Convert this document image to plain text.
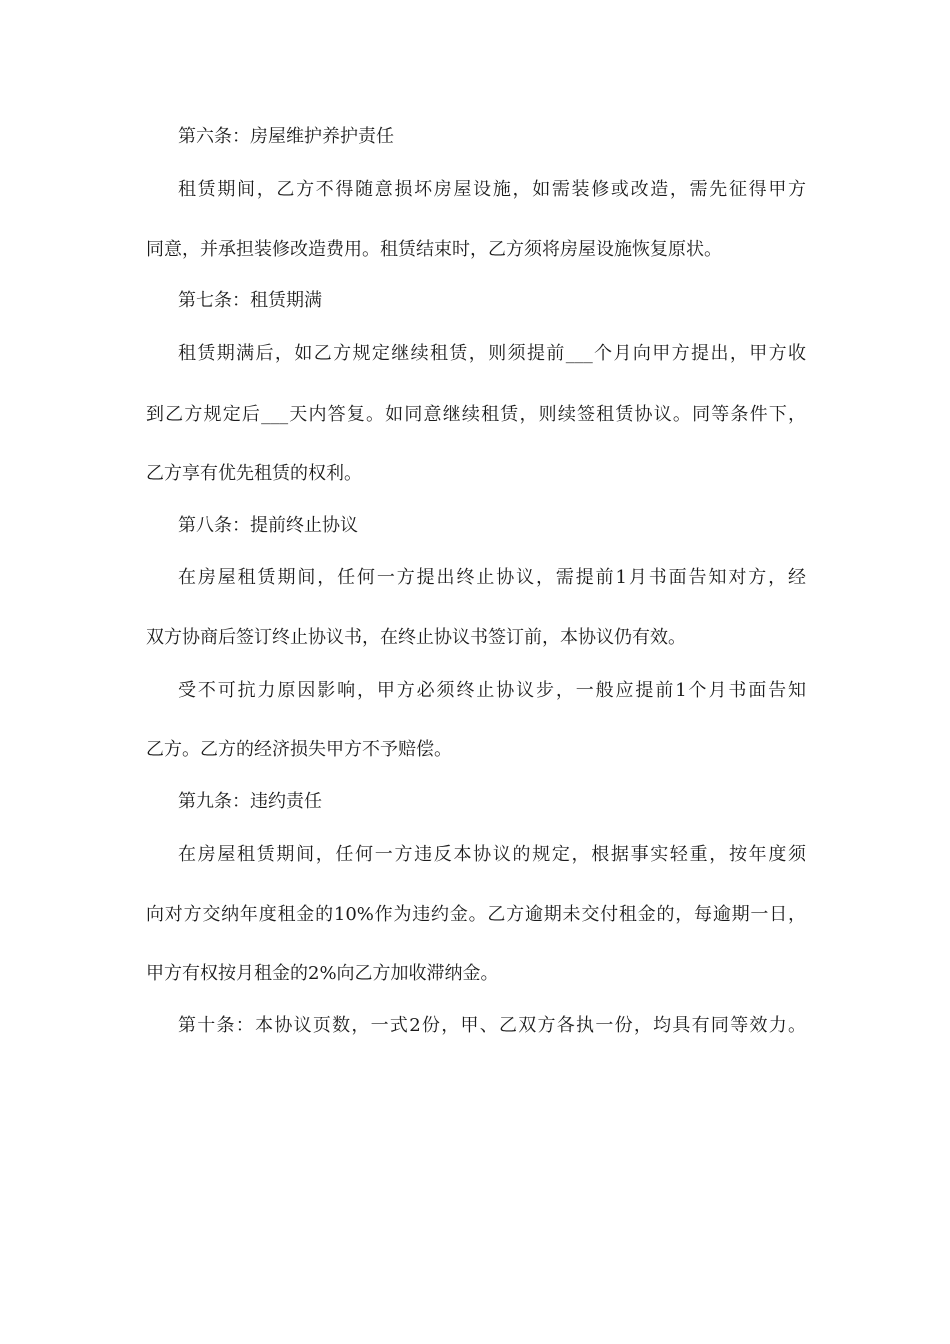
第六条：房屋维护养护责任
租赁期间，乙方不得随意损坏房屋设施，如需装修或改造，需先征得甲方
同意，并承担装修改造费用。租赁结束时，乙方须将房屋设施恢复原状。
第七条：租赁期满
租赁期满后，如乙方规定继续租赁，则须提前___个月向甲方提出，甲方收
到乙方规定后___天内答复。如同意继续租赁，则续签租赁协议。同等条件下，
乙方享有优先租赁的权利。
第八条：提前终止协议
在房屋租赁期间，任何一方提出终止协议，需提前1月书面告知对方，经
双方协商后签订终止协议书，在终止协议书签订前，本协议仍有效。
受不可抗力原因影响，甲方必须终止协议步，一般应提前1个月书面告知
乙方。乙方的经济损失甲方不予赔偿。
第九条：违约责任
在房屋租赁期间，任何一方违反本协议的规定，根据事实轻重，按年度须
向对方交纳年度租金的10%作为违约金。乙方逾期未交付租金的，每逾期一日，
甲方有权按月租金的2%向乙方加收滞纳金。
第十条：本协议页数，一式2份，甲、乙双方各执一份，均具有同等效力。
